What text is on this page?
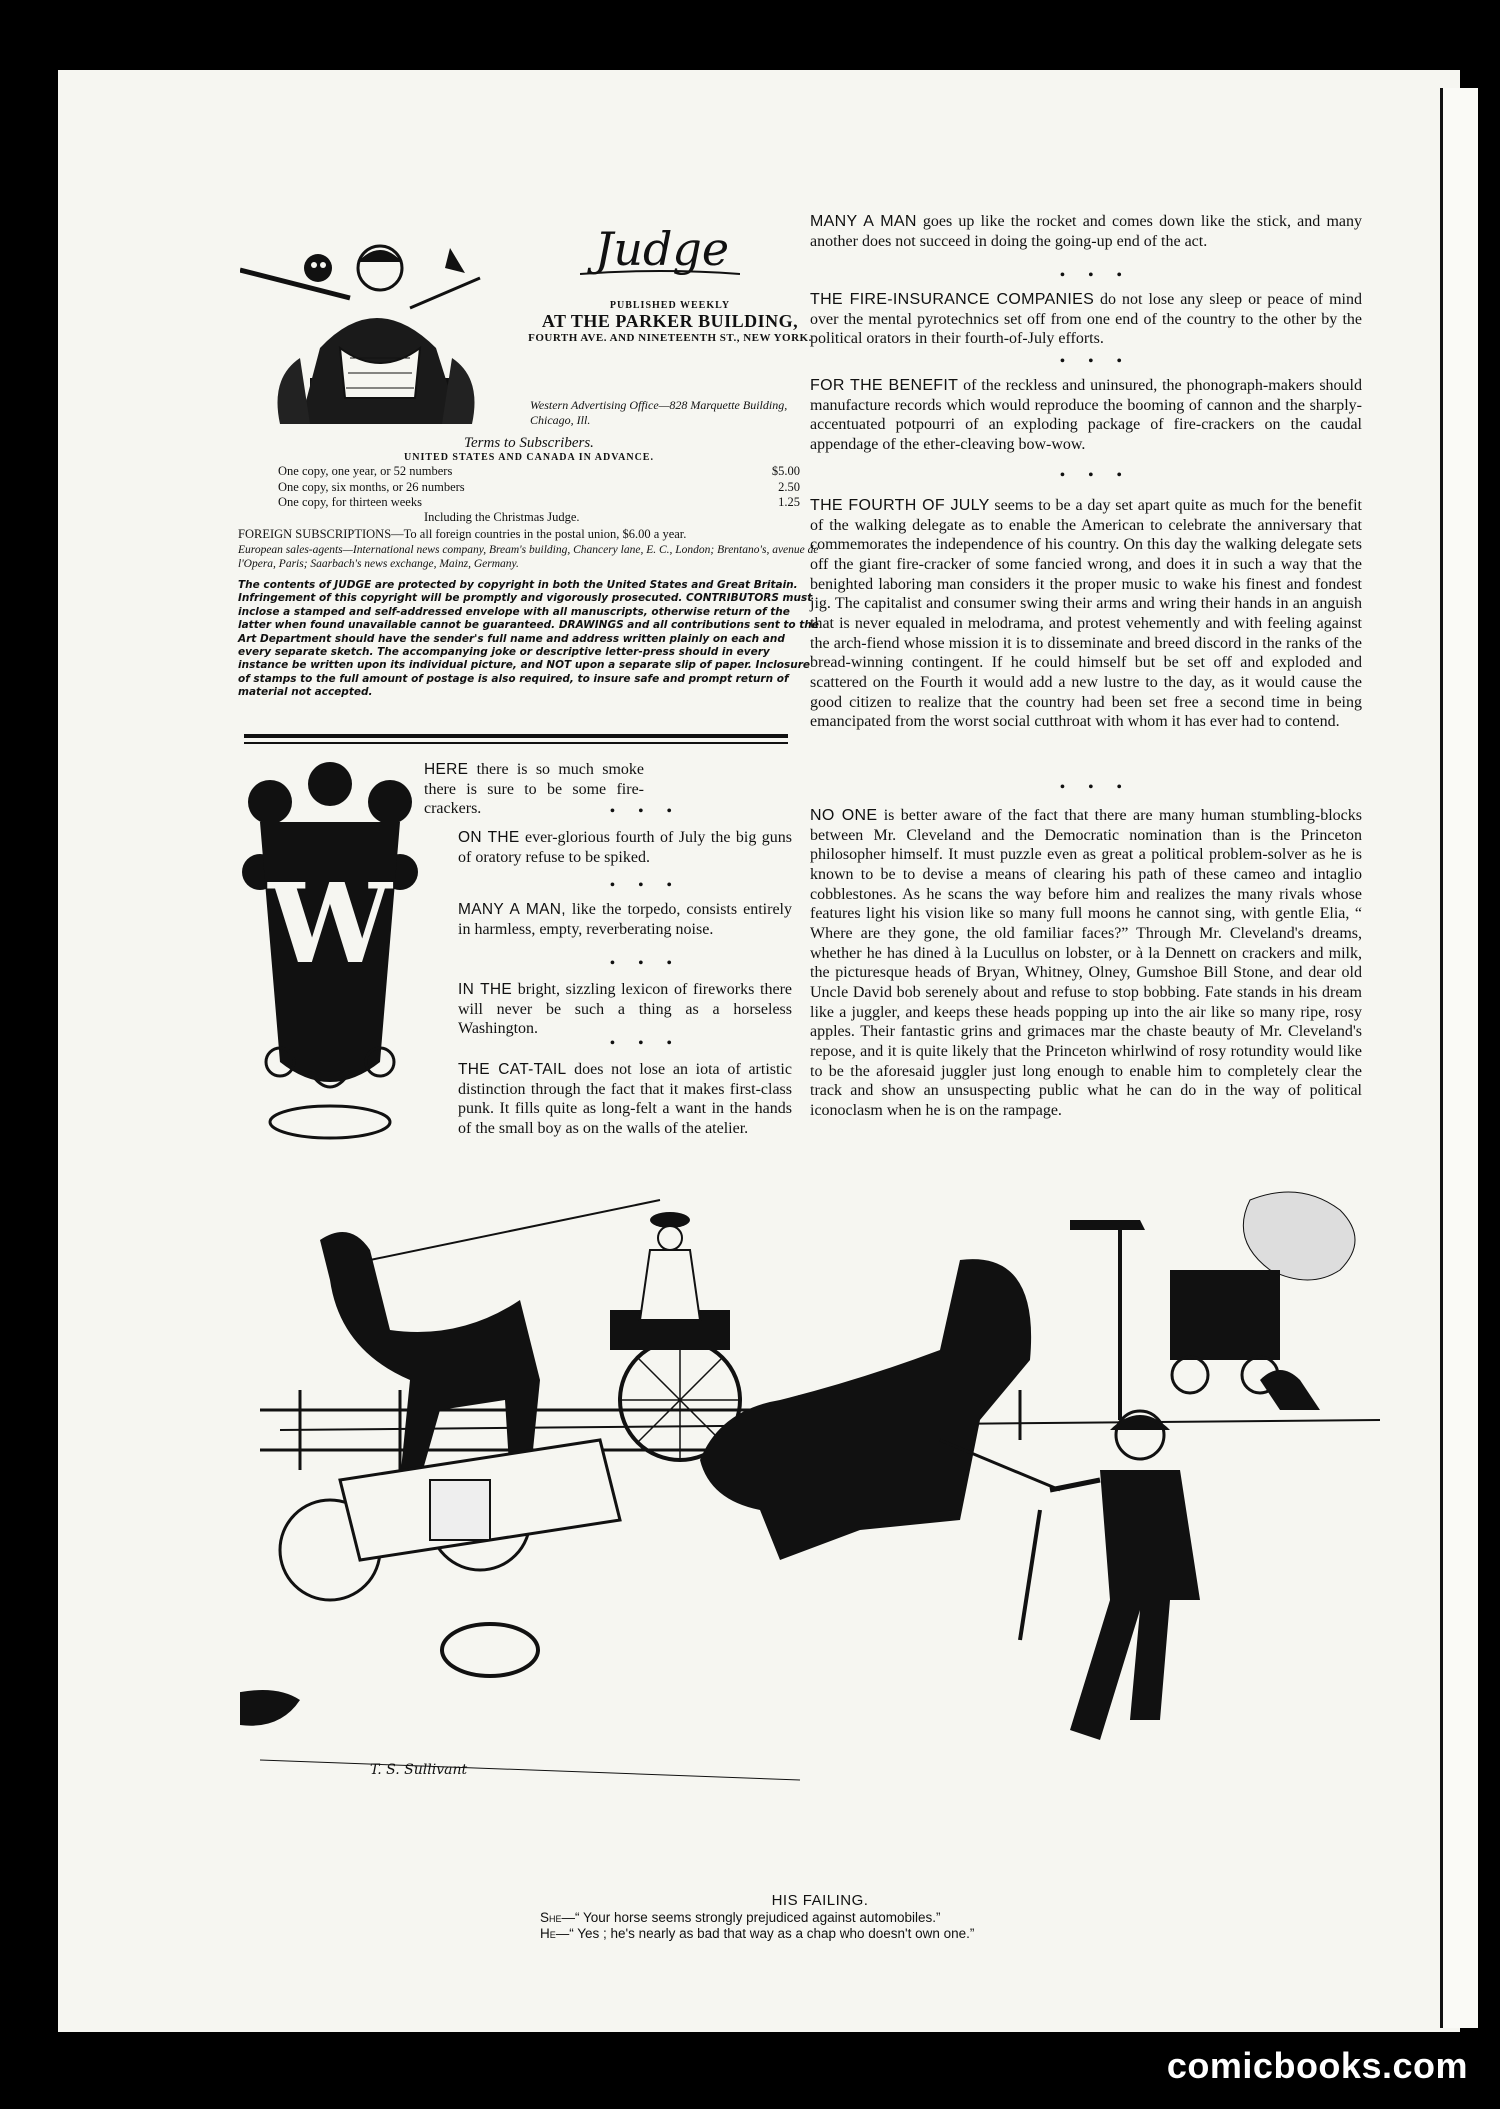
Judge
PUBLISHED WEEKLY
AT THE PARKER BUILDING,
FOURTH AVE. AND NINETEENTH ST., NEW YORK.
Western Advertising Office—828 Marquette Building, Chicago, Ill.
Terms to Subscribers.
UNITED STATES AND CANADA IN ADVANCE.
One copy, one year, or 52 numbers	$5.00
One copy, six months, or 26 numbers	2.50
One copy, for thirteen weeks	1.25
Including the Christmas Judge.
FOREIGN SUBSCRIPTIONS—To all foreign countries in the postal union, $6.00 a year.
European sales-agents—International news company, Bream's building, Chancery lane, E. C., London; Brentano's, avenue de l'Opera, Paris; Saarbach's news exchange, Mainz, Germany.
The contents of JUDGE are protected by copyright in both the United States and Great Britain. Infringement of this copyright will be promptly and vigorously prosecuted. CONTRIBUTORS must inclose a stamped and self-addressed envelope with all manuscripts, otherwise return of the latter when found unavailable cannot be guaranteed. DRAWINGS and all contributions sent to the Art Department should have the sender's full name and address written plainly on each and every separate sketch. The accompanying joke or descriptive letter-press should in every instance be written upon its individual picture, and NOT upon a separate slip of paper. Inclosure of stamps to the full amount of postage is also required, to insure safe and prompt return of material not accepted.
W
HERE there is so much smoke there is sure to be some fire-crackers.	• • •
ON THE ever-glorious fourth of July the big guns of oratory refuse to be spiked.
• • •
MANY A MAN, like the torpedo, consists entirely in harmless, empty, reverberating noise.
• • •
IN THE bright, sizzling lexicon of fireworks there will never be such a thing as a horseless Washington.
• • •
THE CAT-TAIL does not lose an iota of artistic distinction through the fact that it makes first-class punk. It fills quite as long-felt a want in the hands of the small boy as on the walls of the atelier.
MANY A MAN goes up like the rocket and comes down like the stick, and many another does not succeed in doing the going-up end of the act.
• • •
THE FIRE-INSURANCE COMPANIES do not lose any sleep or peace of mind over the mental pyrotechnics set off from one end of the country to the other by the political orators in their fourth-of-July efforts.
• • •
FOR THE BENEFIT of the reckless and uninsured, the phonograph-makers should manufacture records which would reproduce the booming of cannon and the sharply-accentuated potpourri of an exploding package of fire-crackers on the caudal appendage of the ether-cleaving bow-wow.
• • •
THE FOURTH OF JULY seems to be a day set apart quite as much for the benefit of the walking delegate as to enable the American to celebrate the anniversary that commemorates the independence of his country. On this day the walking delegate sets off the giant fire-cracker of some fancied wrong, and does it in such a way that the benighted laboring man considers it the proper music to wake his finest and fondest jig. The capitalist and consumer swing their arms and wring their hands in an anguish that is never equaled in melodrama, and protest vehemently and with feeling against the arch-fiend whose mission it is to disseminate and breed discord in the ranks of the bread-winning contingent. If he could himself but be set off and exploded and scattered on the Fourth it would add a new lustre to the day, as it would cause the good citizen to realize that the country had been set free a second time in being emancipated from the worst social cutthroat with whom it has ever had to contend.
• • •
NO ONE is better aware of the fact that there are many human stumbling-blocks between Mr. Cleveland and the Democratic nomination than is the Princeton philosopher himself. It must puzzle even as great a political problem-solver as he is known to be to devise a means of clearing his path of these cameo and intaglio cobblestones. As he scans the way before him and realizes the many rivals whose features light his vision like so many full moons he cannot sing, with gentle Elia, “ Where are they gone, the old familiar faces?” Through Mr. Cleveland's dreams, whether he has dined à la Lucullus on lobster, or à la Dennett on crackers and milk, the picturesque heads of Bryan, Whitney, Olney, Gumshoe Bill Stone, and dear old Uncle David bob serenely about and refuse to stop bobbing. Fate stands in his dream like a juggler, and keeps these heads popping up into the air like so many ripe, rosy apples. Their fantastic grins and grimaces mar the chaste beauty of Mr. Cleveland's repose, and it is quite likely that the Princeton whirlwind of rosy rotundity would like to be the aforesaid juggler just long enough to enable him to completely clear the track and show an unsuspecting public what he can do in the way of political iconoclasm when he is on the rampage.
T. S. Sullivant
HIS FAILING.
She—“ Your horse seems strongly prejudiced against automobiles.”
He—“ Yes ; he's nearly as bad that way as a chap who doesn't own one.”
comicbooks.com
